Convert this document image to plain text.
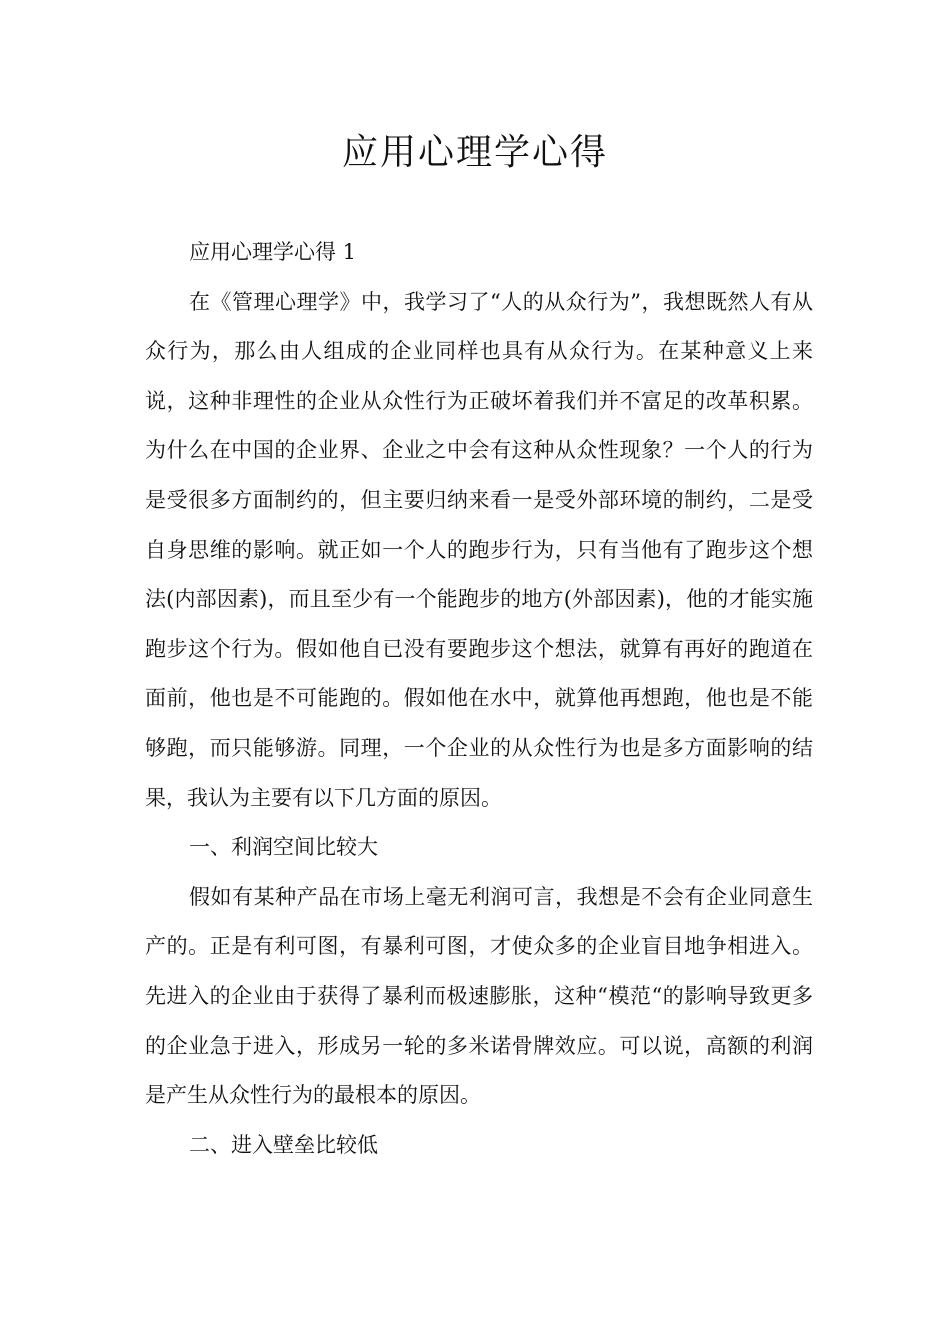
应用心理学心得

应用心理学心得 1

在《管理心理学》中，我学习了“人的从众行为”，我想既然人有从众行为，那么由人组成的企业同样也具有从众行为。在某种意义上来说，这种非理性的企业从众性行为正破坏着我们并不富足的改革积累。为什么在中国的企业界、企业之中会有这种从众性现象？一个人的行为是受很多方面制约的，但主要归纳来看一是受外部环境的制约，二是受自身思维的影响。就正如一个人的跑步行为，只有当他有了跑步这个想法(内部因素)，而且至少有一个能跑步的地方(外部因素)，他的才能实施跑步这个行为。假如他自已没有要跑步这个想法，就算有再好的跑道在面前，他也是不可能跑的。假如他在水中，就算他再想跑，他也是不能够跑，而只能够游。同理，一个企业的从众性行为也是多方面影响的结果，我认为主要有以下几方面的原因。

一、利润空间比较大

假如有某种产品在市场上毫无利润可言，我想是不会有企业同意生产的。正是有利可图，有暴利可图，才使众多的企业盲目地争相进入。先进入的企业由于获得了暴利而极速膨胀，这种“模范“的影响导致更多的企业急于进入，形成另一轮的多米诺骨牌效应。可以说，高额的利润是产生从众性行为的最根本的原因。

二、进入壁垒比较低
